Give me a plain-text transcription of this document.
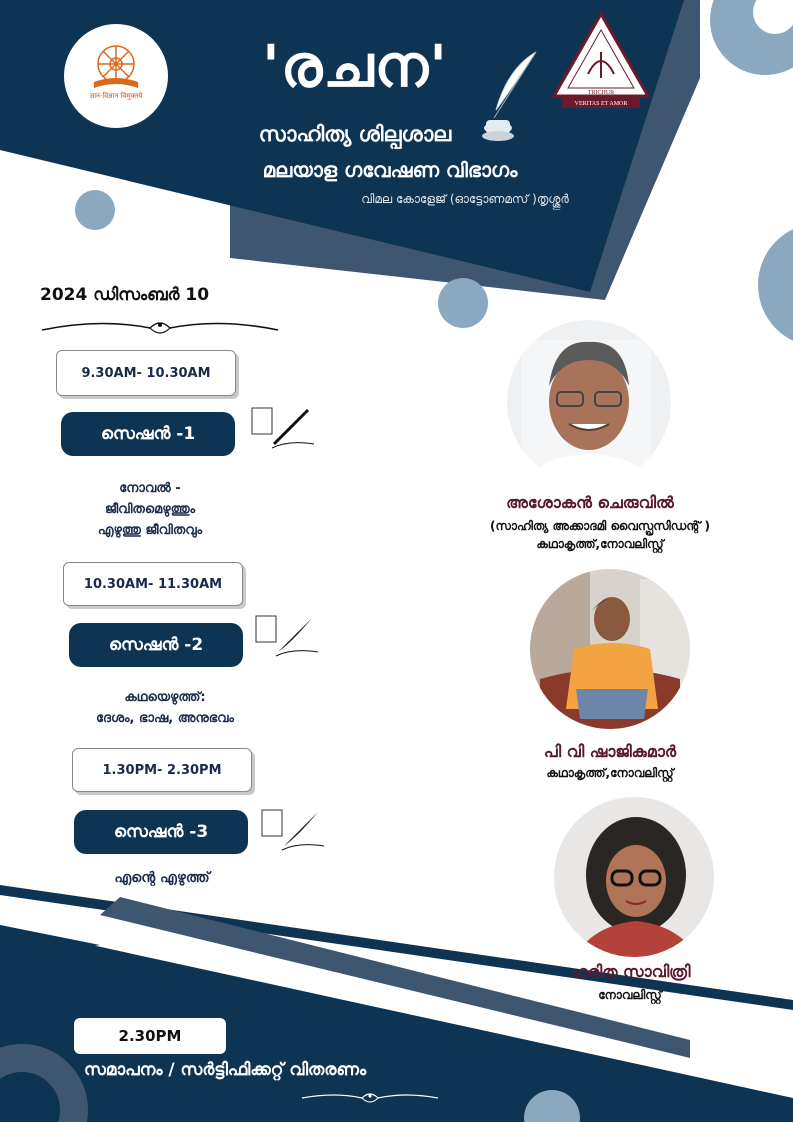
ज्ञान-विज्ञान विमुक्तये
VERITAS ET AMOR
TRICHUR
'രചന'
സാഹിത്യ ശില്പശാല
മലയാള ഗവേഷണ വിഭാഗം
വിമല കോളേജ് (ഓട്ടോണമസ് )തൃശ്ശൂർ
2024 ഡിസംബർ 10
9.30AM- 10.30AM
സെഷൻ -1
നോവൽ -
ജീവിതമെഴുത്തും
എഴുത്തു ജീവിതവും
10.30AM- 11.30AM
സെഷൻ -2
കഥയെഴുത്ത്:
ദേശം, ഭാഷ, അനുഭവം
1.30PM- 2.30PM
സെഷൻ -3
എന്റെ എഴുത്ത്
അശോകൻ ചെരുവിൽ
(സാഹിത്യ അക്കാദമി വൈസ്പ്രസിഡന്റ് )
കഥാകൃത്ത്,നോവലിസ്റ്റ്
പി വി ഷാജികുമാർ
കഥാകൃത്ത്,നോവലിസ്റ്റ്
ഹരിത സാവിത്രി
നോവലിസ്റ്റ്
2.30PM
സമാപനം / സർട്ടിഫിക്കറ്റ് വിതരണം
